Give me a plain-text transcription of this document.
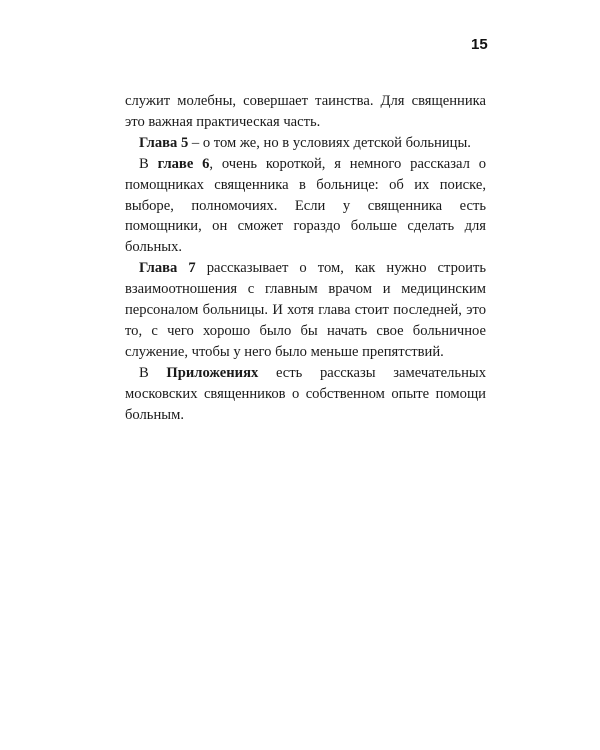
15

служит молебны, совершает таинства. Для священника это важная практическая часть.

Глава 5 – о том же, но в условиях детской больницы.

В главе 6, очень короткой, я немного рассказал о помощниках священника в больнице: об их поиске, выборе, полномочиях. Если у священника есть помощники, он сможет гораздо больше сделать для больных.

Глава 7 рассказывает о том, как нужно строить взаимоотношения с главным врачом и медицинским персоналом больницы. И хотя глава стоит последней, это то, с чего хорошо было бы начать свое больничное служение, чтобы у него было меньше препятствий.

В Приложениях есть рассказы замечательных московских священников о собственном опыте помощи больным.
